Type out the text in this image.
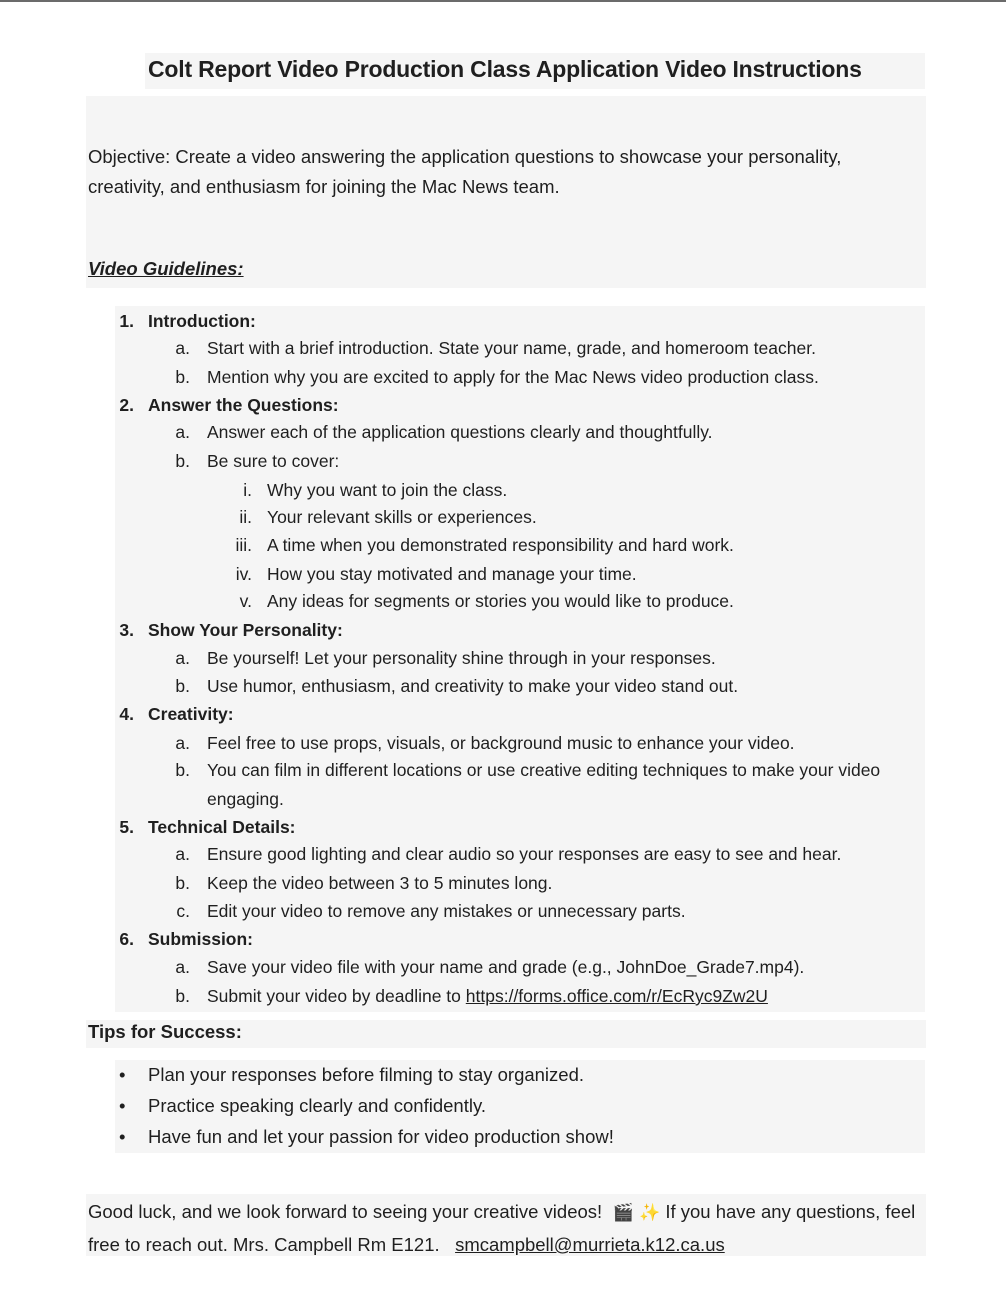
Colt Report Video Production Class Application Video Instructions
Objective: Create a video answering the application questions to showcase your personality, creativity, and enthusiasm for joining the Mac News team.
Video Guidelines:
1. Introduction:
a. Start with a brief introduction. State your name, grade, and homeroom teacher.
b. Mention why you are excited to apply for the Mac News video production class.
2. Answer the Questions:
a. Answer each of the application questions clearly and thoughtfully.
b. Be sure to cover:
i. Why you want to join the class.
ii. Your relevant skills or experiences.
iii. A time when you demonstrated responsibility and hard work.
iv. How you stay motivated and manage your time.
v. Any ideas for segments or stories you would like to produce.
3. Show Your Personality:
a. Be yourself! Let your personality shine through in your responses.
b. Use humor, enthusiasm, and creativity to make your video stand out.
4. Creativity:
a. Feel free to use props, visuals, or background music to enhance your video.
b. You can film in different locations or use creative editing techniques to make your video
engaging.
5. Technical Details:
a. Ensure good lighting and clear audio so your responses are easy to see and hear.
b. Keep the video between 3 to 5 minutes long.
c. Edit your video to remove any mistakes or unnecessary parts.
6. Submission:
a. Save your video file with your name and grade (e.g., JohnDoe_Grade7.mp4).
b. Submit your video by deadline to https://forms.office.com/r/EcRyc9Zw2U
Tips for Success:
• Plan your responses before filming to stay organized.
• Practice speaking clearly and confidently.
• Have fun and let your passion for video production show!
Good luck, and we look forward to seeing your creative videos! 🎬 ✨ If you have any questions, feel free to reach out. Mrs. Campbell Rm E121. smcampbell@murrieta.k12.ca.us
